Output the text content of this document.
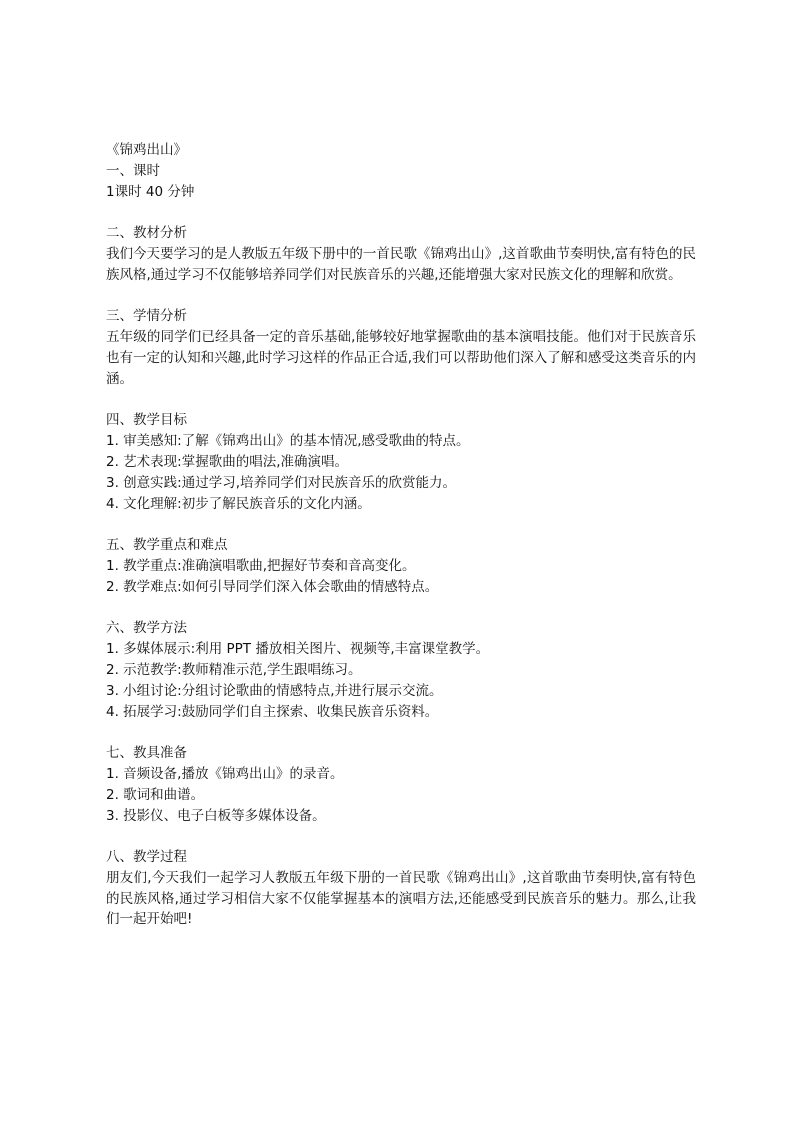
《锦鸡出山》

一、课时

1课时 40 分钟

二、教材分析

我们今天要学习的是人教版五年级下册中的一首民歌《锦鸡出山》,这首歌曲节奏明快,富有特色的民族风格,通过学习不仅能够培养同学们对民族音乐的兴趣,还能增强大家对民族文化的理解和欣赏。

三、学情分析

五年级的同学们已经具备一定的音乐基础,能够较好地掌握歌曲的基本演唱技能。他们对于民族音乐也有一定的认知和兴趣,此时学习这样的作品正合适,我们可以帮助他们深入了解和感受这类音乐的内涵。

四、教学目标

1. 审美感知:了解《锦鸡出山》的基本情况,感受歌曲的特点。
2. 艺术表现:掌握歌曲的唱法,准确演唱。
3. 创意实践:通过学习,培养同学们对民族音乐的欣赏能力。
4. 文化理解:初步了解民族音乐的文化内涵。

五、教学重点和难点

1. 教学重点:准确演唱歌曲,把握好节奏和音高变化。
2. 教学难点:如何引导同学们深入体会歌曲的情感特点。

六、教学方法

1. 多媒体展示:利用 PPT 播放相关图片、视频等,丰富课堂教学。
2. 示范教学:教师精准示范,学生跟唱练习。
3. 小组讨论:分组讨论歌曲的情感特点,并进行展示交流。
4. 拓展学习:鼓励同学们自主探索、收集民族音乐资料。

七、教具准备

1. 音频设备,播放《锦鸡出山》的录音。
2. 歌词和曲谱。
3. 投影仪、电子白板等多媒体设备。

八、教学过程

朋友们,今天我们一起学习人教版五年级下册的一首民歌《锦鸡出山》,这首歌曲节奏明快,富有特色的民族风格,通过学习相信大家不仅能掌握基本的演唱方法,还能感受到民族音乐的魅力。那么,让我们一起开始吧!
